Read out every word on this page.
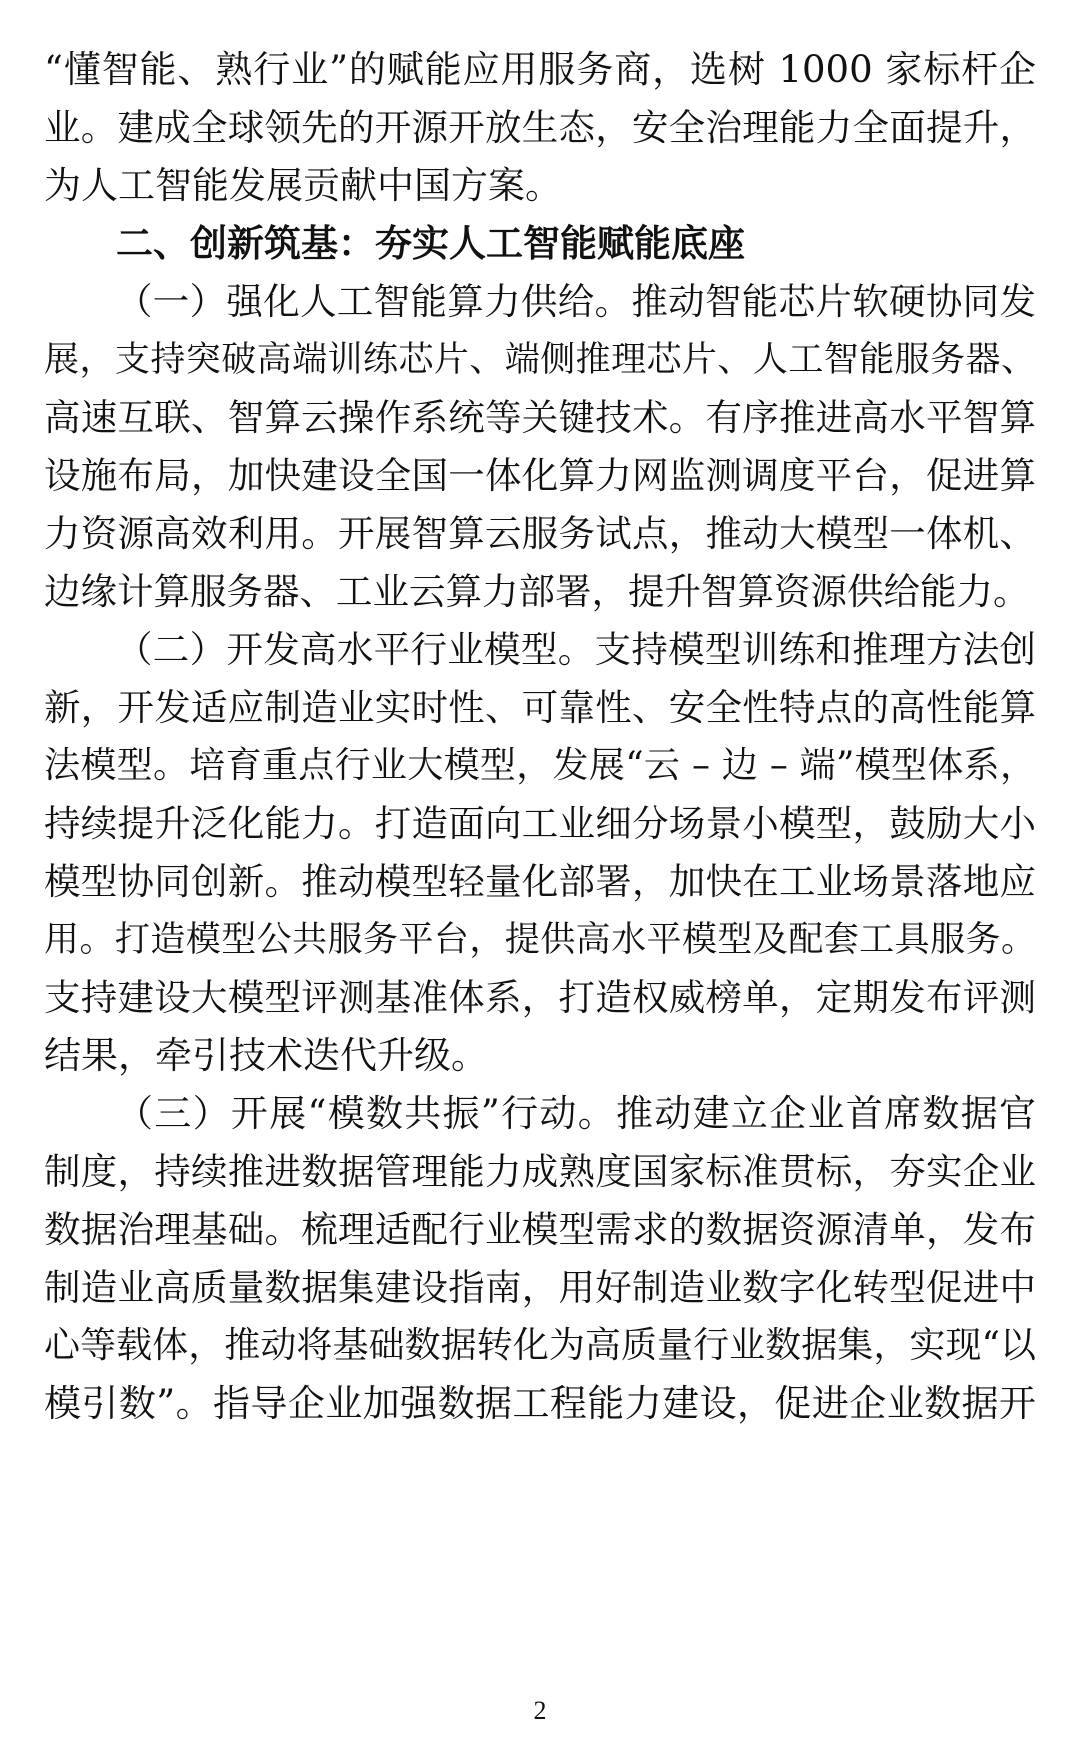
“懂智能、熟行业”的赋能应用服务商，选树 1000 家标杆企
业。建成全球领先的开源开放生态，安全治理能力全面提升，
为人工智能发展贡献中国方案。
二、创新筑基：夯实人工智能赋能底座
（一）强化人工智能算力供给。推动智能芯片软硬协同发
展，支持突破高端训练芯片、端侧推理芯片、人工智能服务器、
高速互联、智算云操作系统等关键技术。有序推进高水平智算
设施布局，加快建设全国一体化算力网监测调度平台，促进算
力资源高效利用。开展智算云服务试点，推动大模型一体机、
边缘计算服务器、工业云算力部署，提升智算资源供给能力。
（二）开发高水平行业模型。支持模型训练和推理方法创
新，开发适应制造业实时性、可靠性、安全性特点的高性能算
法模型。培育重点行业大模型，发展“云 – 边 – 端”模型体系，
持续提升泛化能力。打造面向工业细分场景小模型，鼓励大小
模型协同创新。推动模型轻量化部署，加快在工业场景落地应
用。打造模型公共服务平台，提供高水平模型及配套工具服务。
支持建设大模型评测基准体系，打造权威榜单，定期发布评测
结果，牵引技术迭代升级。
（三）开展“模数共振”行动。推动建立企业首席数据官
制度，持续推进数据管理能力成熟度国家标准贯标，夯实企业
数据治理基础。梳理适配行业模型需求的数据资源清单，发布
制造业高质量数据集建设指南，用好制造业数字化转型促进中
心等载体，推动将基础数据转化为高质量行业数据集，实现“以
模引数”。指导企业加强数据工程能力建设，促进企业数据开
2
